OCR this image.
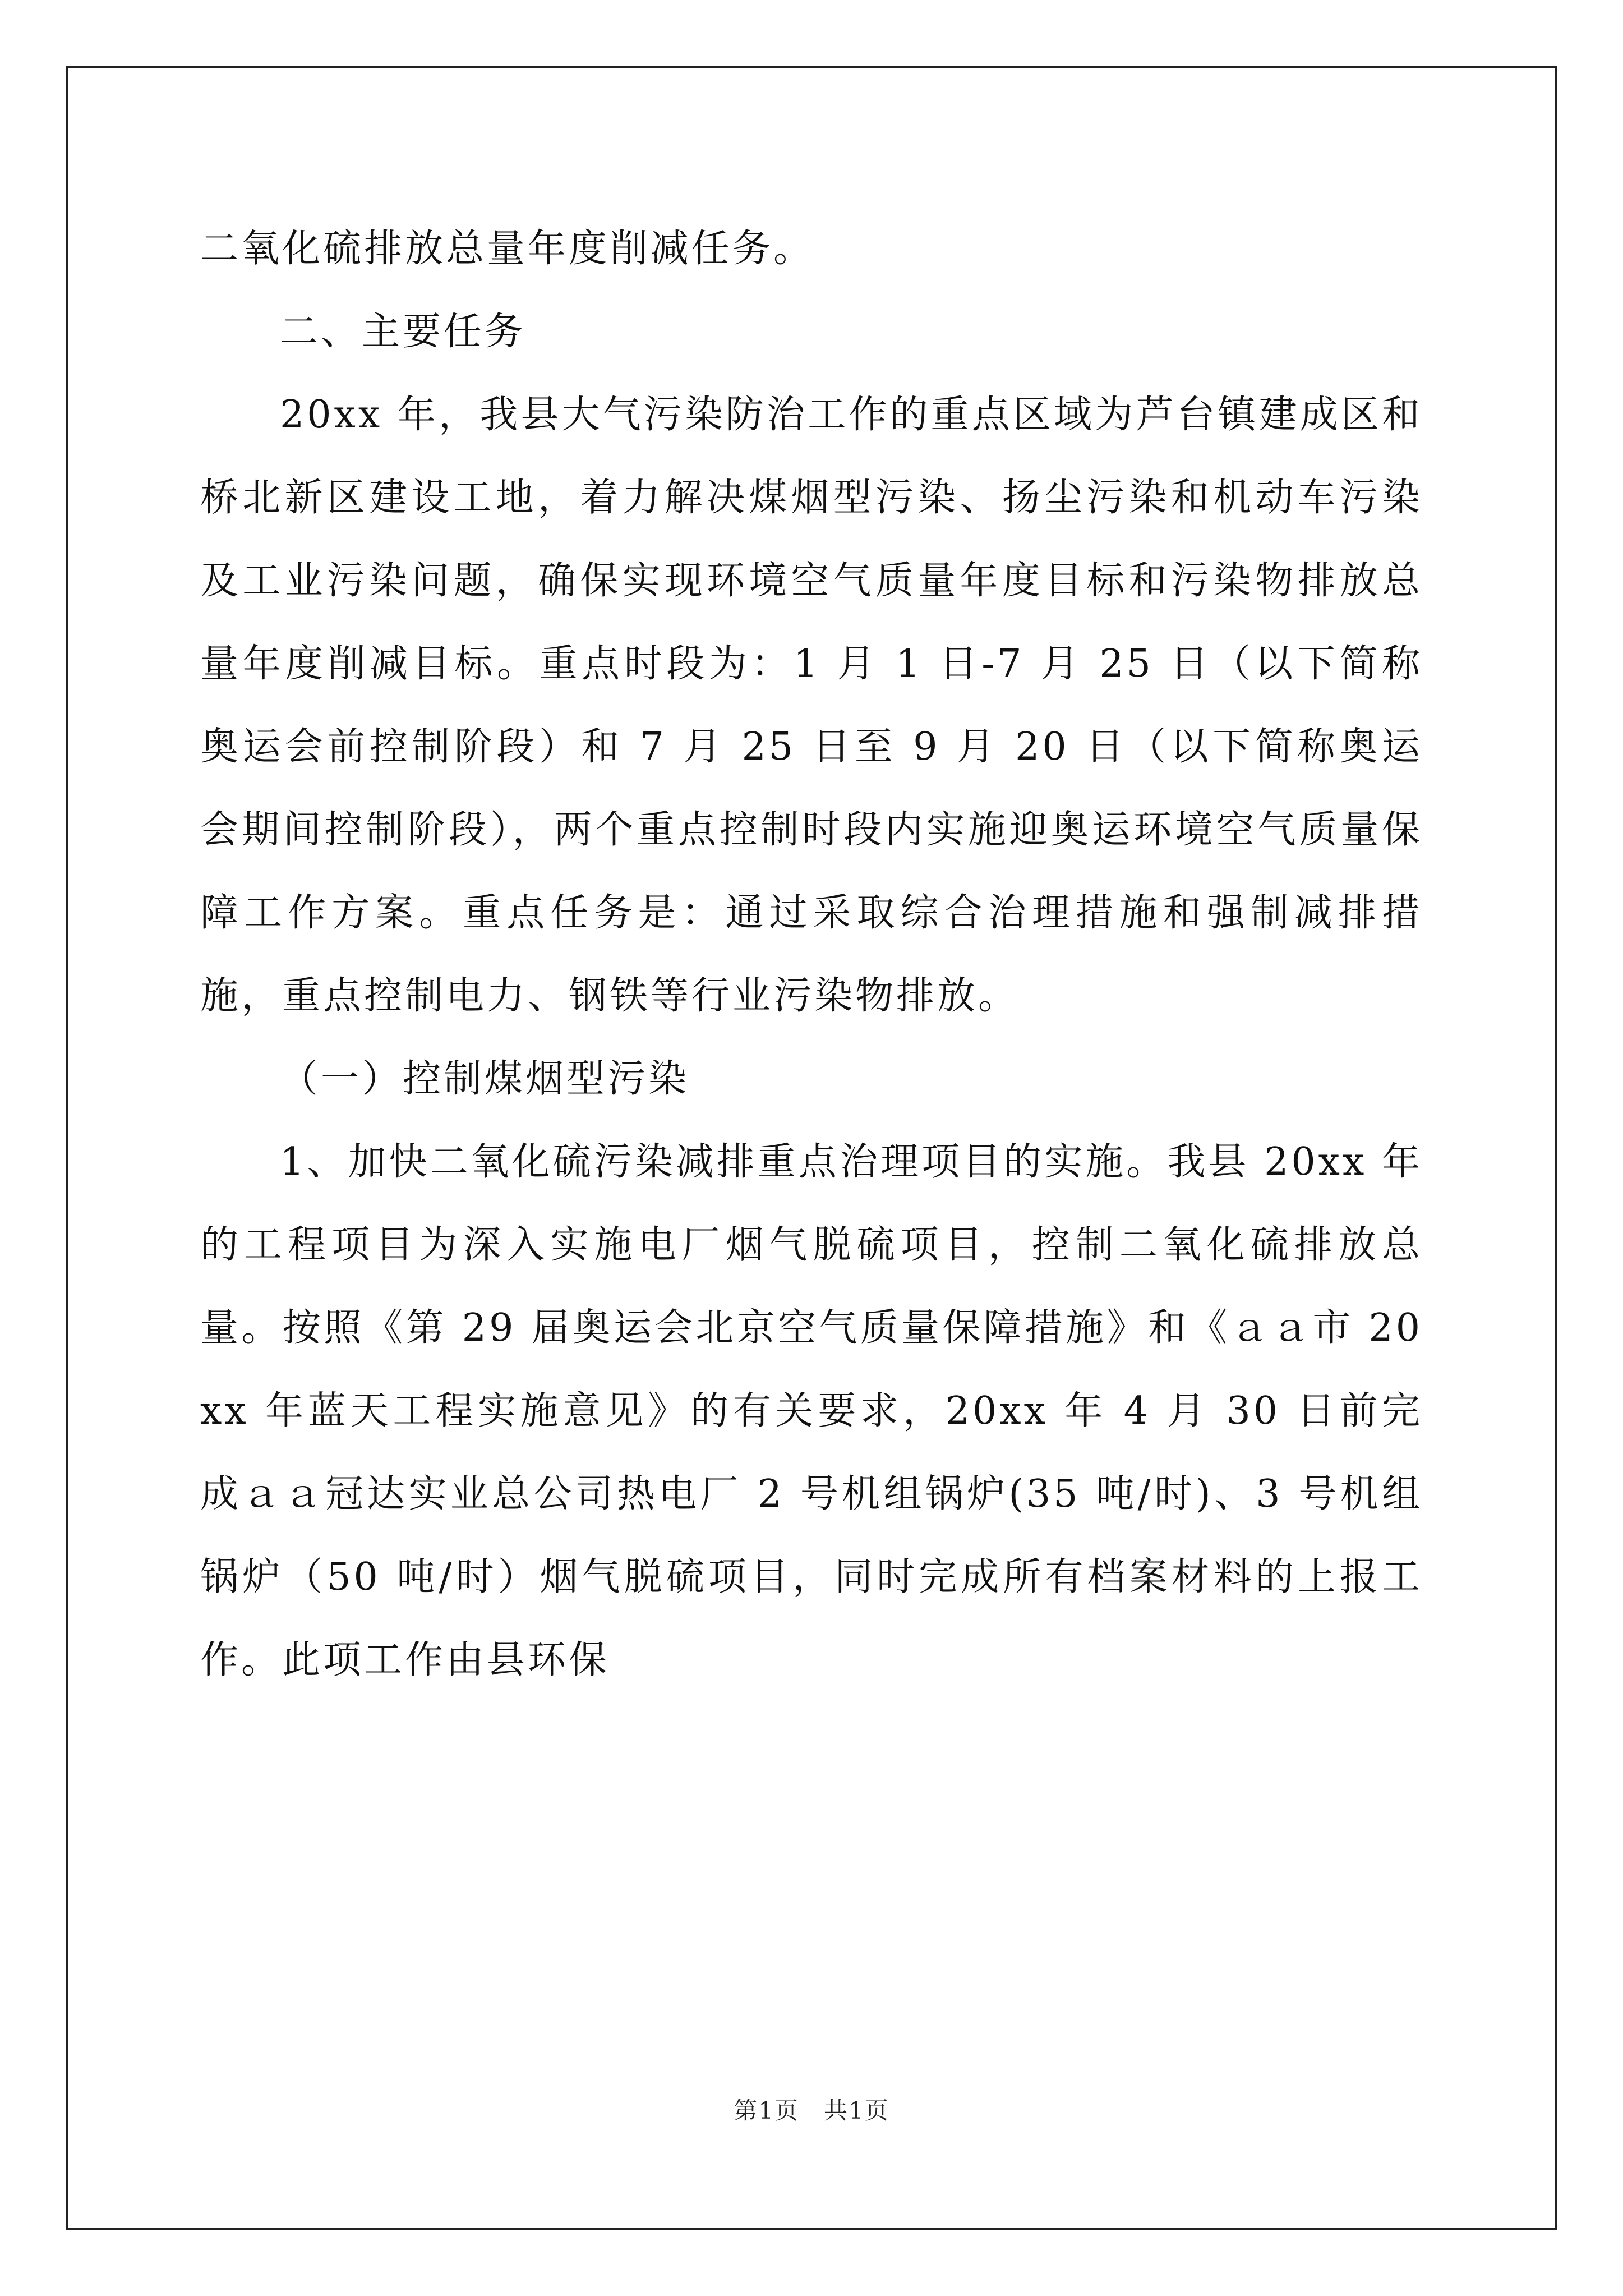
二氧化硫排放总量年度削减任务。

二、主要任务

20xx 年，我县大气污染防治工作的重点区域为芦台镇建成区和桥北新区建设工地，着力解决煤烟型污染、扬尘污染和机动车污染及工业污染问题，确保实现环境空气质量年度目标和污染物排放总量年度削减目标。重点时段为：1 月 1 日-7 月 25 日（以下简称奥运会前控制阶段）和 7 月 25 日至 9 月 20 日（以下简称奥运会期间控制阶段），两个重点控制时段内实施迎奥运环境空气质量保障工作方案。重点任务是：通过采取综合治理措施和强制减排措施，重点控制电力、钢铁等行业污染物排放。

（一）控制煤烟型污染

1、加快二氧化硫污染减排重点治理项目的实施。我县 20xx 年的工程项目为深入实施电厂烟气脱硫项目，控制二氧化硫排放总量。按照《第 29 届奥运会北京空气质量保障措施》和《ａａ市 20xx 年蓝天工程实施意见》的有关要求，20xx 年 4 月 30 日前完成ａａ冠达实业总公司热电厂 2 号机组锅炉(35 吨/时)、3 号机组锅炉（50 吨/时）烟气脱硫项目，同时完成所有档案材料的上报工作。此项工作由县环保

第1页　共1页
